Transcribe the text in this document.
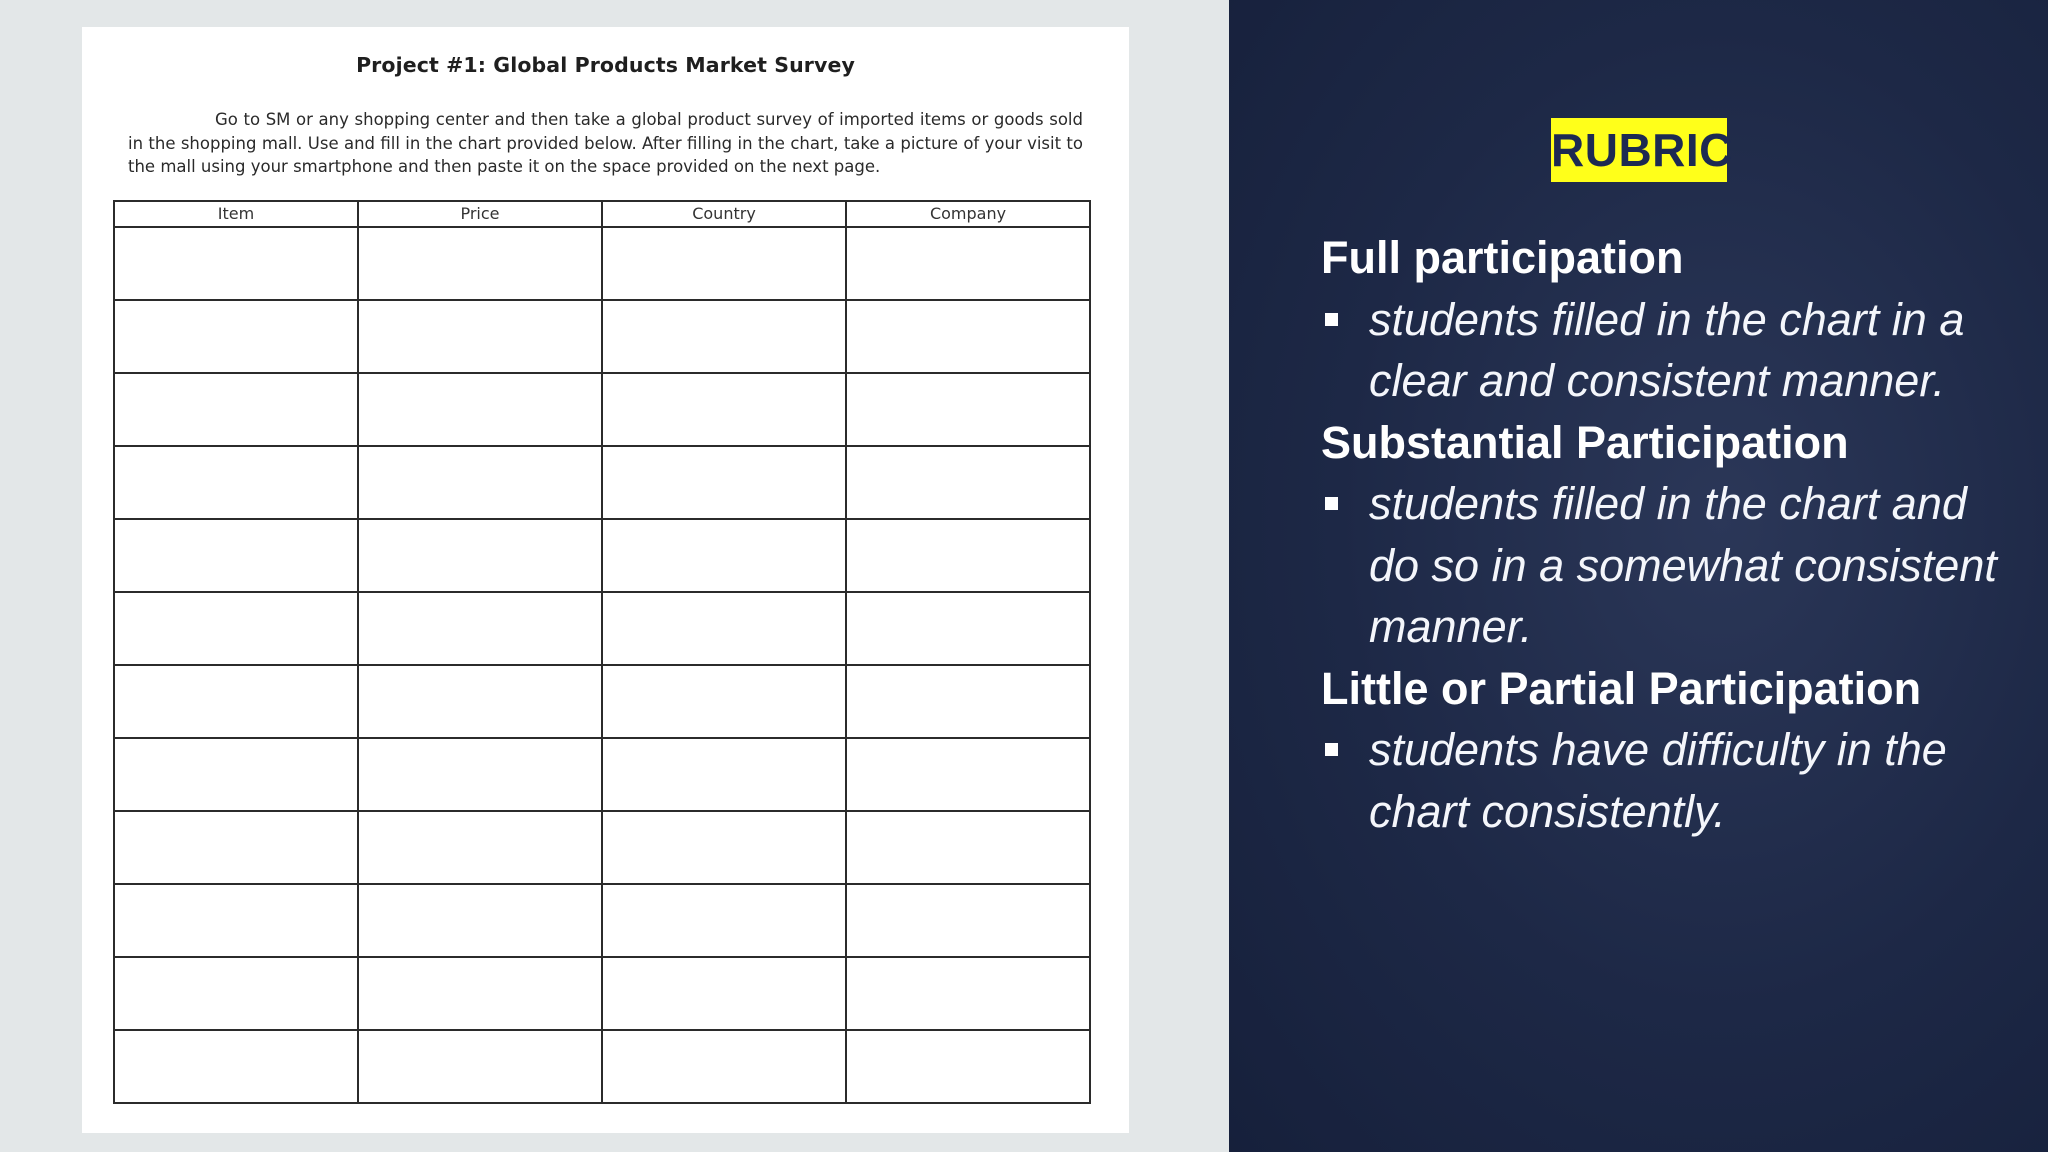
Project #1: Global Products Market Survey

Go to SM or any shopping center and then take a global product survey of imported items or goods sold in the shopping mall. Use and fill in the chart provided below. After filling in the chart, take a picture of your visit to the mall using your smartphone and then paste it on the space provided on the next page.

Item	Price	Country	Company

RUBRIC

Full participation

students filled in the chart in a clear and consistent manner.

Substantial Participation

students filled in the chart and do so in a somewhat consistent manner.

Little or Partial Participation

students have difficulty in the chart consistently.
